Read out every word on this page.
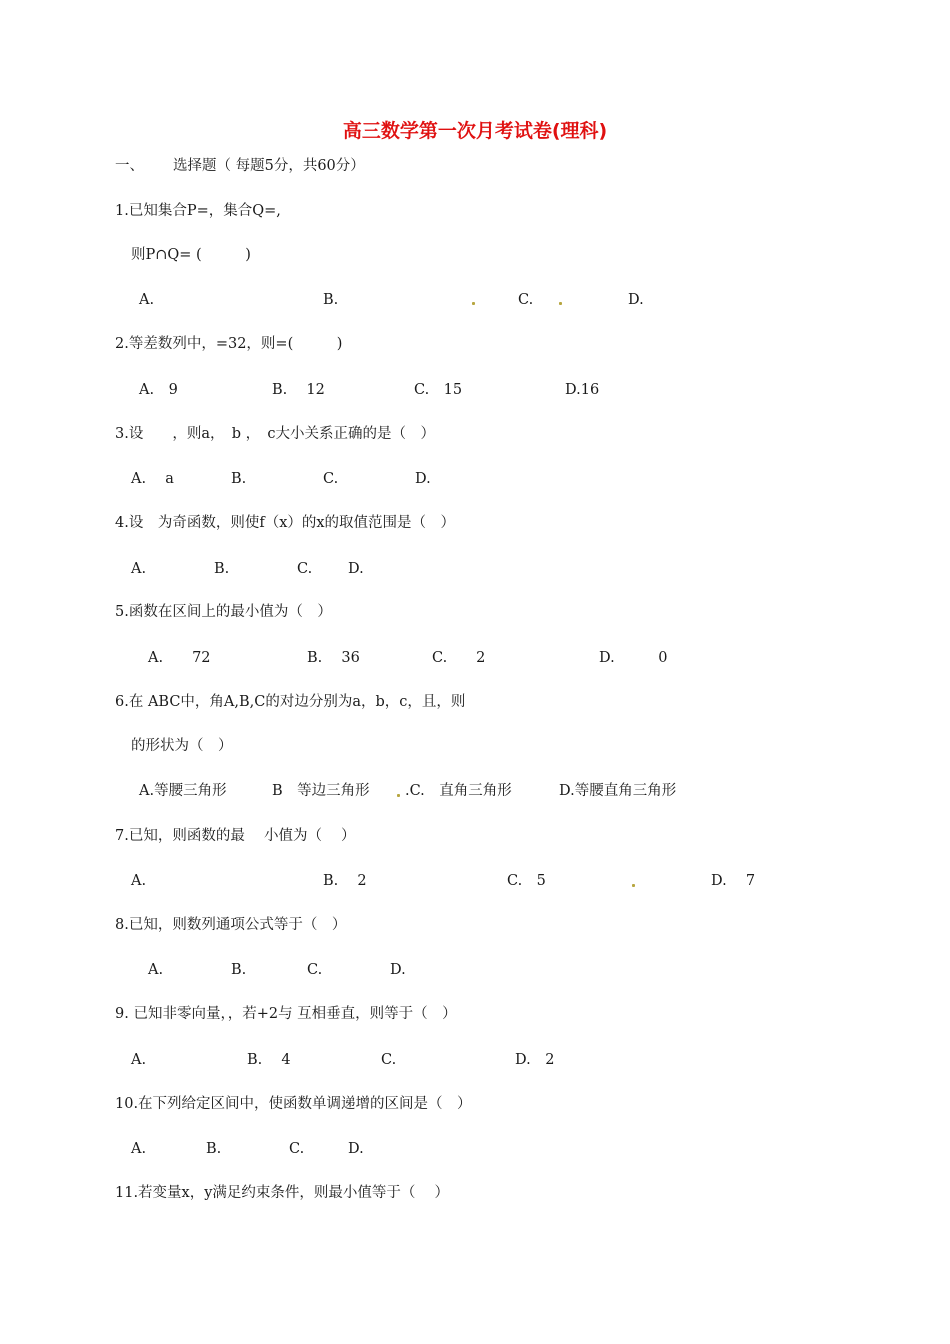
高三数学第一次月考试卷(理科)
一、 选择题（ 每题5分，共60分）
1.已知集合P=，集合Q=,
则P∩Q= (　　　)
A.	B.	C.	D.
2.等差数列中，=32，则=(　　　)
A.　9	B.　 12	C.　15	D.16
3.设　　，则a，　b ，　c大小关系正确的是（　）
A.　 a	B.	C.	D.
4.设　为奇函数，则使f（x）的x的取值范围是（　）
A.	B.	C. D.
5.函数在区间上的最小值为（　）
A.　　72	B.　 36	C.　　2	D.　　　0
6.在 ABC中，角A,B,C的对边分别为a，b，c，且，则
的形状为（　）
A.等腰三角形	B　等边三角形 .C.　直角三角形	D.等腰直角三角形
7.已知，则函数的最　 小值为（　 ）
A.	B.　 2	C.　5	D.　 7
8.已知，则数列通项公式等于（　）
A.	B.	C.	D.
9. 已知非零向量，，若+2与 互相垂直，则等于（　）
A.	B.　 4	C.	D.　2
10.在下列给定区间中，使函数单调递增的区间是（　）
A.	B.	C.	D.
11.若变量x，y满足约束条件，则最小值等于（　 ）
